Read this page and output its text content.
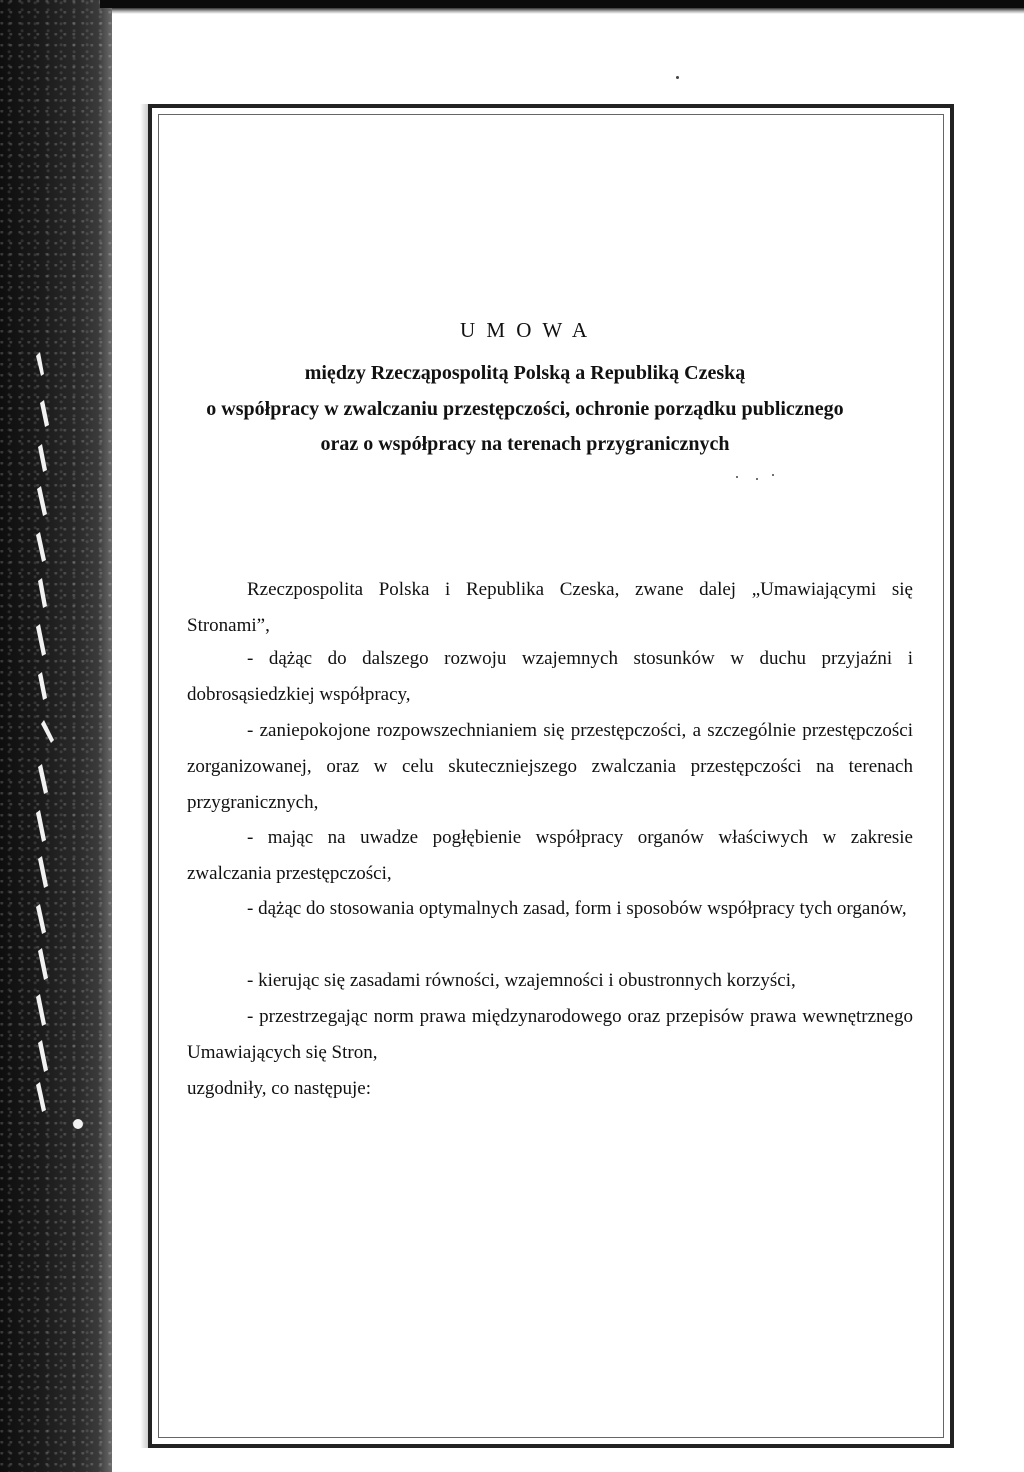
U M O W A
między Rzecząpospolitą Polską a Republiką Czeską
o współpracy w zwalczaniu przestępczości, ochronie porządku publicznego
oraz o współpracy na terenach przygranicznych
Rzeczpospolita Polska i Republika Czeska, zwane dalej „Umawiającymi się Stronami”,
- dążąc do dalszego rozwoju wzajemnych stosunków w duchu przyjaźni i dobrosąsiedzkiej współpracy,
- zaniepokojone rozpowszechnianiem się przestępczości, a szczególnie przestępczości zorganizowanej, oraz w celu skuteczniejszego zwalczania przestępczości na terenach przygranicznych,
- mając na uwadze pogłębienie współpracy organów właściwych w zakresie zwalczania przestępczości,
- dążąc do stosowania optymalnych zasad, form i sposobów współpracy tych organów,
- kierując się zasadami równości, wzajemności i obustronnych korzyści,
- przestrzegając norm prawa międzynarodowego oraz przepisów prawa wewnętrznego Umawiających się Stron,
uzgodniły, co następuje:
